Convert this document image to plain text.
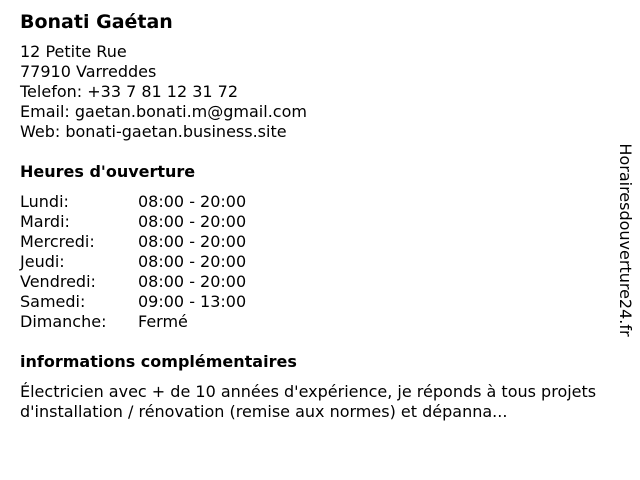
Bonati Gaétan
12 Petite Rue
77910 Varreddes
Telefon: +33 7 81 12 31 72
Email: gaetan.bonati.m@gmail.com
Web: bonati-gaetan.business.site
Heures d'ouverture
Lundi:	08:00 - 20:00
Mardi:	08:00 - 20:00
Mercredi:	08:00 - 20:00
Jeudi:	08:00 - 20:00
Vendredi:	08:00 - 20:00
Samedi:	09:00 - 13:00
Dimanche:	Fermé
informations complémentaires
Électricien avec + de 10 années d'expérience, je réponds à tous projets d'installation / rénovation (remise aux normes) et dépanna...
Horairesdouverture24.fr
